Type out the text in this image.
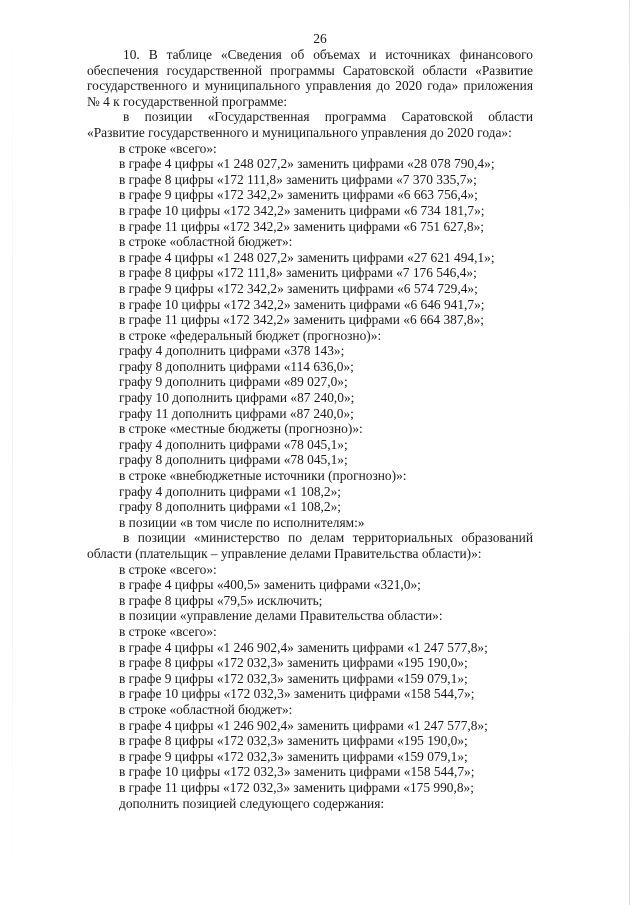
26

10. В таблице «Сведения об объемах и источниках финансового обеспечения государственной программы Саратовской области «Развитие государственного и муниципального управления до 2020 года» приложения № 4 к государственной программе:

в позиции «Государственная программа Саратовской области «Развитие государственного и муниципального управления до 2020 года»:

в строке «всего»:

в графе 4 цифры «1 248 027,2» заменить цифрами «28 078 790,4»;

в графе 8 цифры «172 111,8» заменить цифрами «7 370 335,7»;

в графе 9 цифры «172 342,2» заменить цифрами «6 663 756,4»;

в графе 10 цифры «172 342,2» заменить цифрами «6 734 181,7»;

в графе 11 цифры «172 342,2» заменить цифрами «6 751 627,8»;

в строке «областной бюджет»:

в графе 4 цифры «1 248 027,2» заменить цифрами «27 621 494,1»;

в графе 8 цифры «172 111,8» заменить цифрами «7 176 546,4»;

в графе 9 цифры «172 342,2» заменить цифрами «6 574 729,4»;

в графе 10 цифры «172 342,2» заменить цифрами «6 646 941,7»;

в графе 11 цифры «172 342,2» заменить цифрами «6 664 387,8»;

в строке «федеральный бюджет (прогнозно)»:

графу 4 дополнить цифрами «378 143»;

графу 8 дополнить цифрами «114 636,0»;

графу 9 дополнить цифрами «89 027,0»;

графу 10 дополнить цифрами «87 240,0»;

графу 11 дополнить цифрами «87 240,0»;

в строке «местные бюджеты (прогнозно)»:

графу 4 дополнить цифрами «78 045,1»;

графу 8 дополнить цифрами «78 045,1»;

в строке «внебюджетные источники (прогнозно)»:

графу 4 дополнить цифрами «1 108,2»;

графу 8 дополнить цифрами «1 108,2»;

в позиции «в том числе по исполнителям:»

в позиции «министерство по делам территориальных образований области (плательщик – управление делами Правительства области)»:

в строке «всего»:

в графе 4 цифры «400,5» заменить цифрами «321,0»;

в графе 8 цифры «79,5» исключить;

в позиции «управление делами Правительства области»:

в строке «всего»:

в графе 4 цифры «1 246 902,4» заменить цифрами «1 247 577,8»;

в графе 8 цифры «172 032,3» заменить цифрами «195 190,0»;

в графе 9 цифры «172 032,3» заменить цифрами «159 079,1»;

в графе 10 цифры «172 032,3» заменить цифрами «158 544,7»;

в строке «областной бюджет»:

в графе 4 цифры «1 246 902,4» заменить цифрами «1 247 577,8»;

в графе 8 цифры «172 032,3» заменить цифрами «195 190,0»;

в графе 9 цифры «172 032,3» заменить цифрами «159 079,1»;

в графе 10 цифры «172 032,3» заменить цифрами «158 544,7»;

в графе 11 цифры «172 032,3» заменить цифрами «175 990,8»;

дополнить позицией следующего содержания:
